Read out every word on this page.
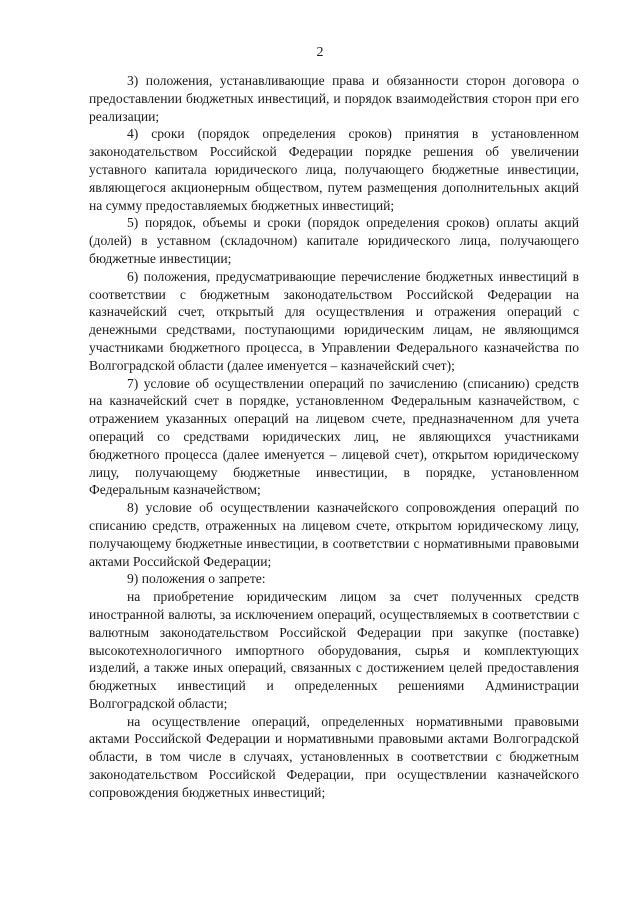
2

3) положения, устанавливающие права и обязанности сторон договора о предоставлении бюджетных инвестиций, и порядок взаимодействия сторон при его реализации;

4) сроки (порядок определения сроков) принятия в установленном законодательством Российской Федерации порядке решения об увеличении уставного капитала юридического лица, получающего бюджетные инвестиции, являющегося акционерным обществом, путем размещения дополнительных акций на сумму предоставляемых бюджетных инвестиций;

5) порядок, объемы и сроки (порядок определения сроков) оплаты акций (долей) в уставном (складочном) капитале юридического лица, получающего бюджетные инвестиции;

6) положения, предусматривающие перечисление бюджетных инвестиций в соответствии с бюджетным законодательством Российской Федерации на казначейский счет, открытый для осуществления и отражения операций с денежными средствами, поступающими юридическим лицам, не являющимся участниками бюджетного процесса, в Управлении Федерального казначейства по Волгоградской области (далее именуется – казначейский счет);

7) условие об осуществлении операций по зачислению (списанию) средств на казначейский счет в порядке, установленном Федеральным казначейством, с отражением указанных операций на лицевом счете, предназначенном для учета операций со средствами юридических лиц, не являющихся участниками бюджетного процесса (далее именуется – лицевой счет), открытом юридическому лицу, получающему бюджетные инвестиции, в порядке, установленном Федеральным казначейством;

8) условие об осуществлении казначейского сопровождения операций по списанию средств, отраженных на лицевом счете, открытом юридическому лицу, получающему бюджетные инвестиции, в соответствии с нормативными правовыми актами Российской Федерации;

9) положения о запрете:

на приобретение юридическим лицом за счет полученных средств иностранной валюты, за исключением операций, осуществляемых в соответствии с валютным законодательством Российской Федерации при закупке (поставке) высокотехнологичного импортного оборудования, сырья и комплектующих изделий, а также иных операций, связанных с достижением целей предоставления бюджетных инвестиций и определенных решениями Администрации Волгоградской области;

на осуществление операций, определенных нормативными правовыми актами Российской Федерации и нормативными правовыми актами Волгоградской области, в том числе в случаях, установленных в соответствии с бюджетным законодательством Российской Федерации, при осуществлении казначейского сопровождения бюджетных инвестиций;
